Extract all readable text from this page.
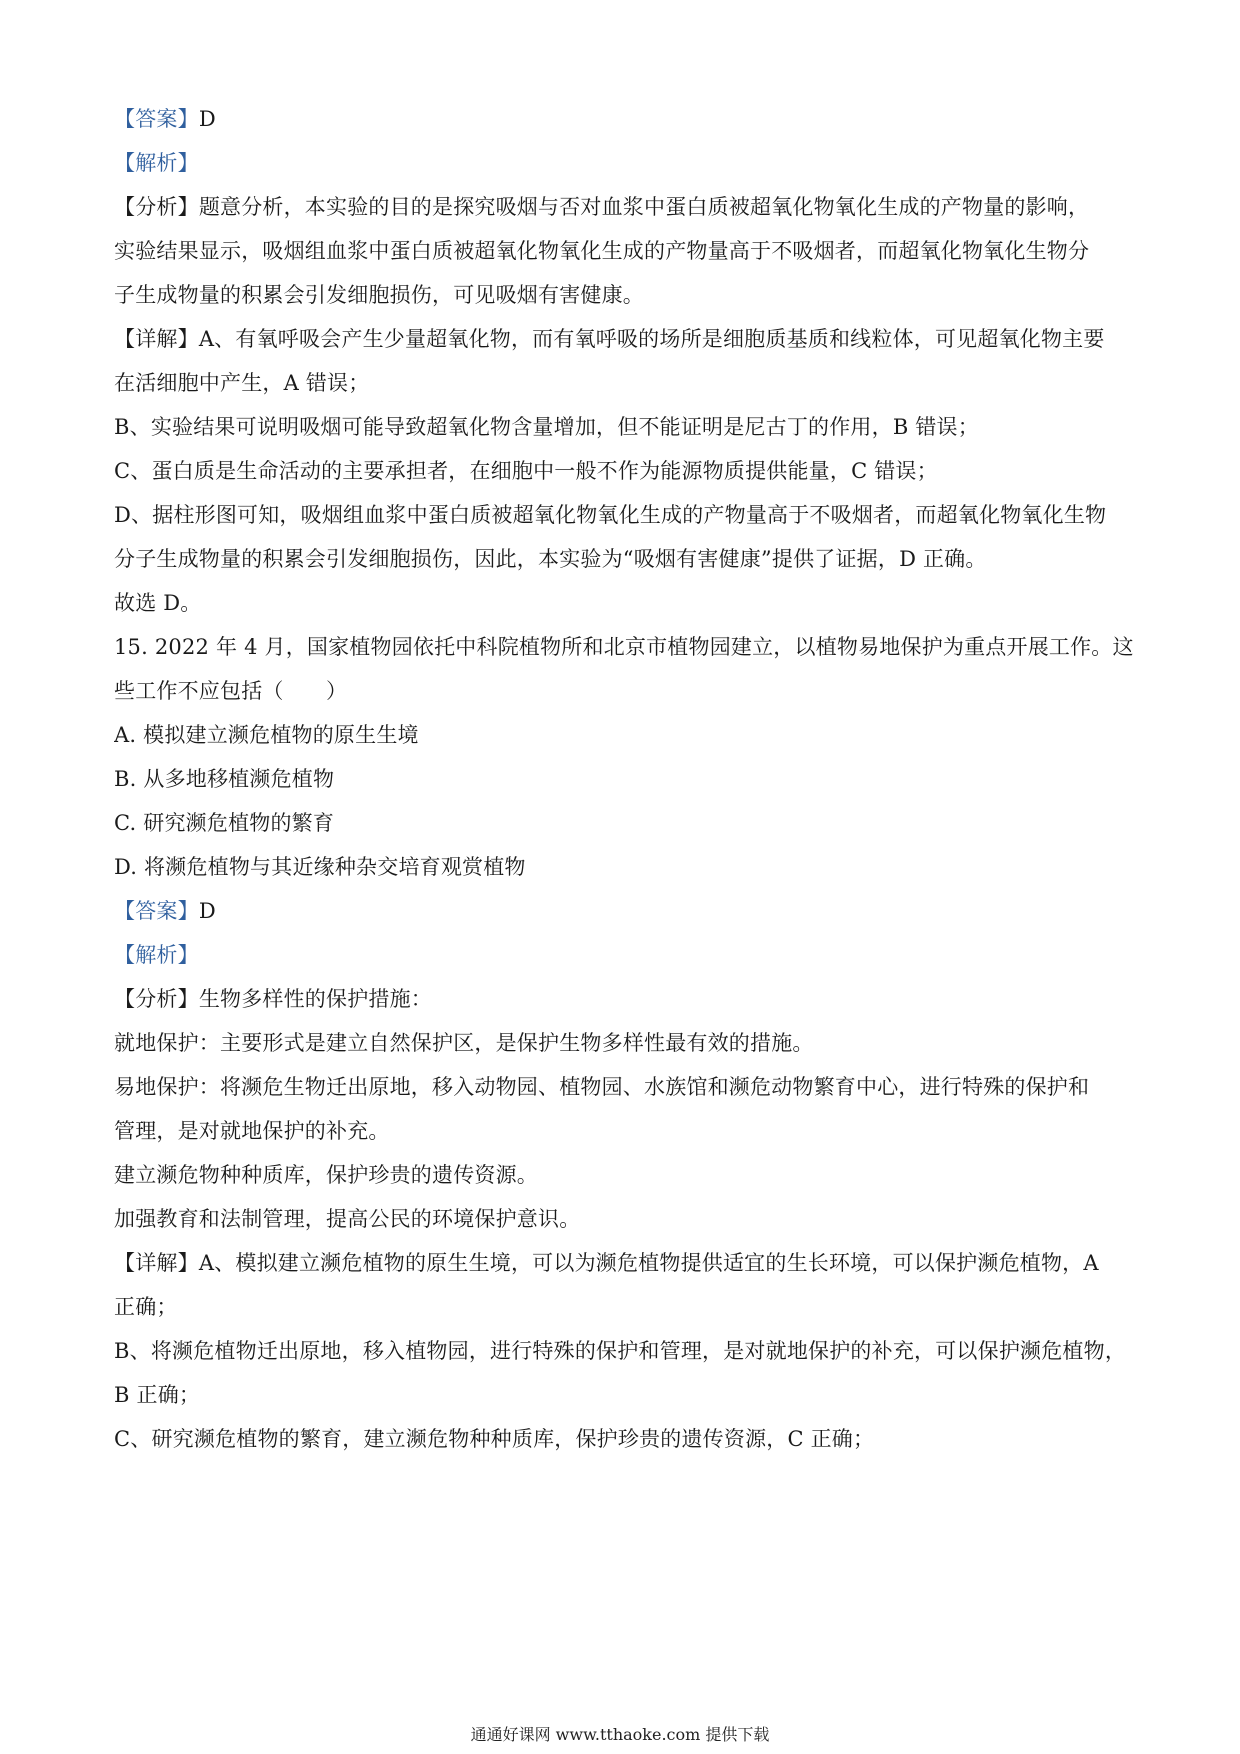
【答案】D
【解析】
【分析】题意分析，本实验的目的是探究吸烟与否对血浆中蛋白质被超氧化物氧化生成的产物量的影响，
实验结果显示，吸烟组血浆中蛋白质被超氧化物氧化生成的产物量高于不吸烟者，而超氧化物氧化生物分
子生成物量的积累会引发细胞损伤，可见吸烟有害健康。
【详解】A、有氧呼吸会产生少量超氧化物，而有氧呼吸的场所是细胞质基质和线粒体，可见超氧化物主要
在活细胞中产生，A 错误；
B、实验结果可说明吸烟可能导致超氧化物含量增加，但不能证明是尼古丁的作用，B 错误；
C、蛋白质是生命活动的主要承担者，在细胞中一般不作为能源物质提供能量，C 错误；
D、据柱形图可知，吸烟组血浆中蛋白质被超氧化物氧化生成的产物量高于不吸烟者，而超氧化物氧化生物
分子生成物量的积累会引发细胞损伤，因此，本实验为“吸烟有害健康”提供了证据，D 正确。
故选 D。
15. 2022 年 4 月，国家植物园依托中科院植物所和北京市植物园建立，以植物易地保护为重点开展工作。这
些工作不应包括（　　）
A. 模拟建立濒危植物的原生生境
B. 从多地移植濒危植物
C. 研究濒危植物的繁育
D. 将濒危植物与其近缘种杂交培育观赏植物
【答案】D
【解析】
【分析】生物多样性的保护措施：
就地保护：主要形式是建立自然保护区，是保护生物多样性最有效的措施。
易地保护：将濒危生物迁出原地，移入动物园、植物园、水族馆和濒危动物繁育中心，进行特殊的保护和
管理，是对就地保护的补充。
建立濒危物种种质库，保护珍贵的遗传资源。
加强教育和法制管理，提高公民的环境保护意识。
【详解】A、模拟建立濒危植物的原生生境，可以为濒危植物提供适宜的生长环境，可以保护濒危植物，A
正确；
B、将濒危植物迁出原地，移入植物园，进行特殊的保护和管理，是对就地保护的补充，可以保护濒危植物，
B 正确；
C、研究濒危植物的繁育，建立濒危物种种质库，保护珍贵的遗传资源，C 正确；
通通好课网 www.tthaoke.com 提供下载
